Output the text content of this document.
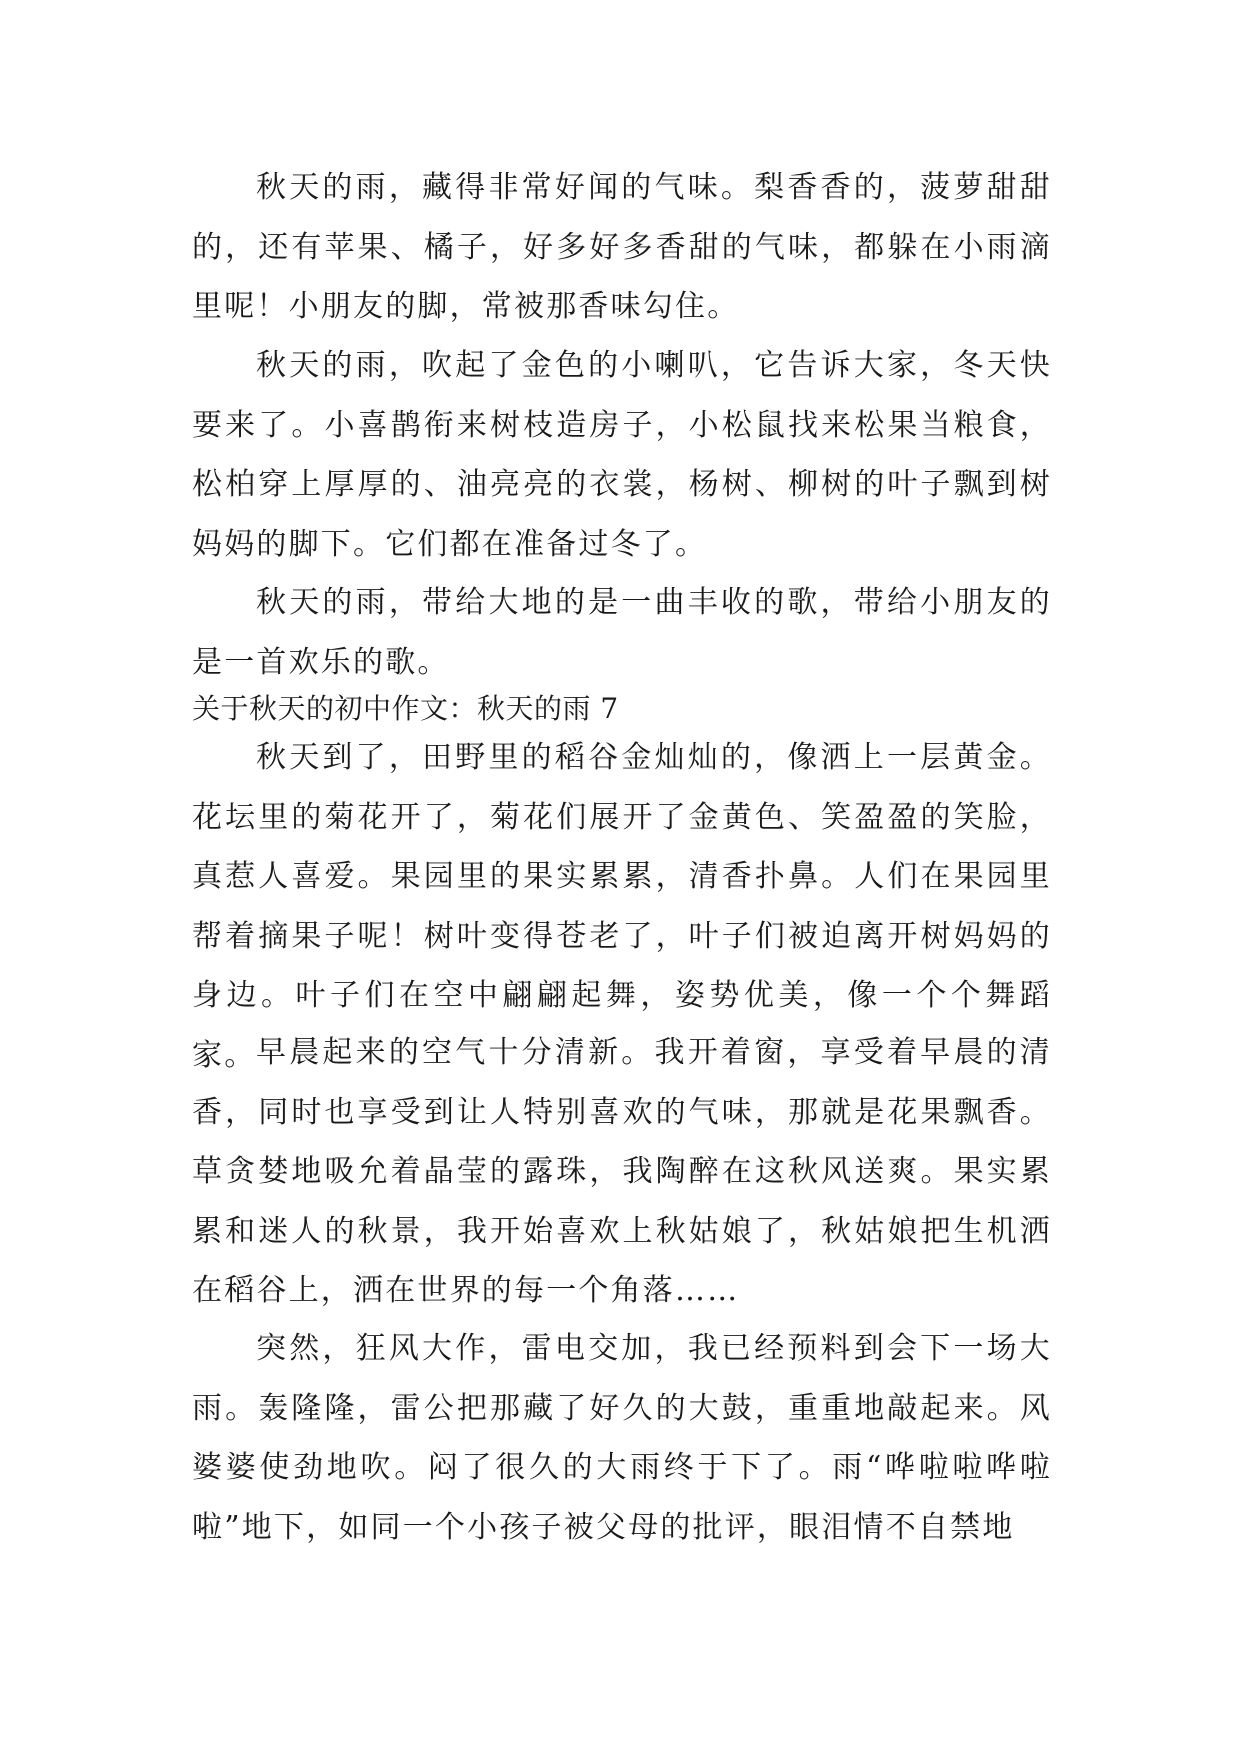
秋天的雨，藏得非常好闻的气味。梨香香的，菠萝甜甜的，还有苹果、橘子，好多好多香甜的气味，都躲在小雨滴里呢！小朋友的脚，常被那香味勾住。

秋天的雨，吹起了金色的小喇叭，它告诉大家，冬天快要来了。小喜鹊衔来树枝造房子，小松鼠找来松果当粮食，松柏穿上厚厚的、油亮亮的衣裳，杨树、柳树的叶子飘到树妈妈的脚下。它们都在准备过冬了。

秋天的雨，带给大地的是一曲丰收的歌，带给小朋友的是一首欢乐的歌。

关于秋天的初中作文：秋天的雨 7

秋天到了，田野里的稻谷金灿灿的，像洒上一层黄金。花坛里的菊花开了，菊花们展开了金黄色、笑盈盈的笑脸，真惹人喜爱。果园里的果实累累，清香扑鼻。人们在果园里帮着摘果子呢！树叶变得苍老了，叶子们被迫离开树妈妈的身边。叶子们在空中翩翩起舞，姿势优美，像一个个舞蹈家。 早晨起来的空气十分清新。我开着窗，享受着早晨的清香，同时也享受到让人特别喜欢的气味，那就是花果飘香。草贪婪地吸允着晶莹的露珠，我陶醉在这秋风送爽。果实累累和迷人的秋景，我开始喜欢上秋姑娘了，秋姑娘把生机洒在稻谷上，洒在世界的每一个角落……

突然，狂风大作，雷电交加，我已经预料到会下一场大雨。轰隆隆，雷公把那藏了好久的大鼓，重重地敲起来。风婆婆使劲地吹。闷了很久的大雨终于下了。雨“哗啦啦哗啦啦”地下，如同一个小孩子被父母的批评，眼泪情不自禁地
